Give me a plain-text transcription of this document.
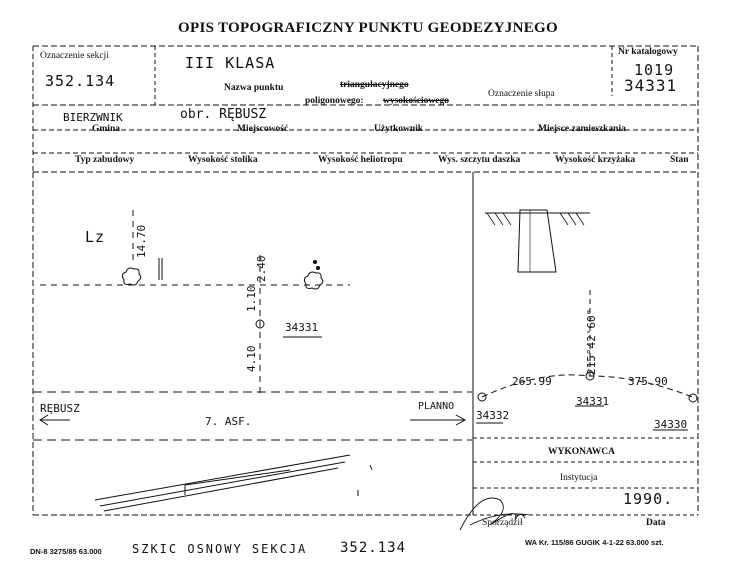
OPIS TOPOGRAFICZNY PUNKTU GEODEZYJNEGO
Oznaczenie sekcji
352.134
III KLASA
Nazwa punktu
Nr katalogowy
1019
34331
triangulacyjnego
poligonowego: wysokościowego
Oznaczenie słupa
BIERZWNIK	obr. RĘBUSZ
Gmina	Miejscowość	Użytkownik	Miejsce zamieszkania
Typ zabudowy	Wysokość stolika	Wysokość heliotropu	Wys. szczytu daszka	Wysokość krzyżaka	Stan
Lz	14.70
2.40
1.10
4.10
34331
RĘBUSZ
7. ASF.
PLANNO
215°42'60"
265.99	375.90
34332
34331
34330
WYKONAWCA
Instytucja
1990.
Sporządził	Data
DN-8 3275/85 63.000	SZKIC OSNOWY SEKCJA 352.134	WA Kr. 115/86 GUGIK 4-1-22 63.000 szt.
